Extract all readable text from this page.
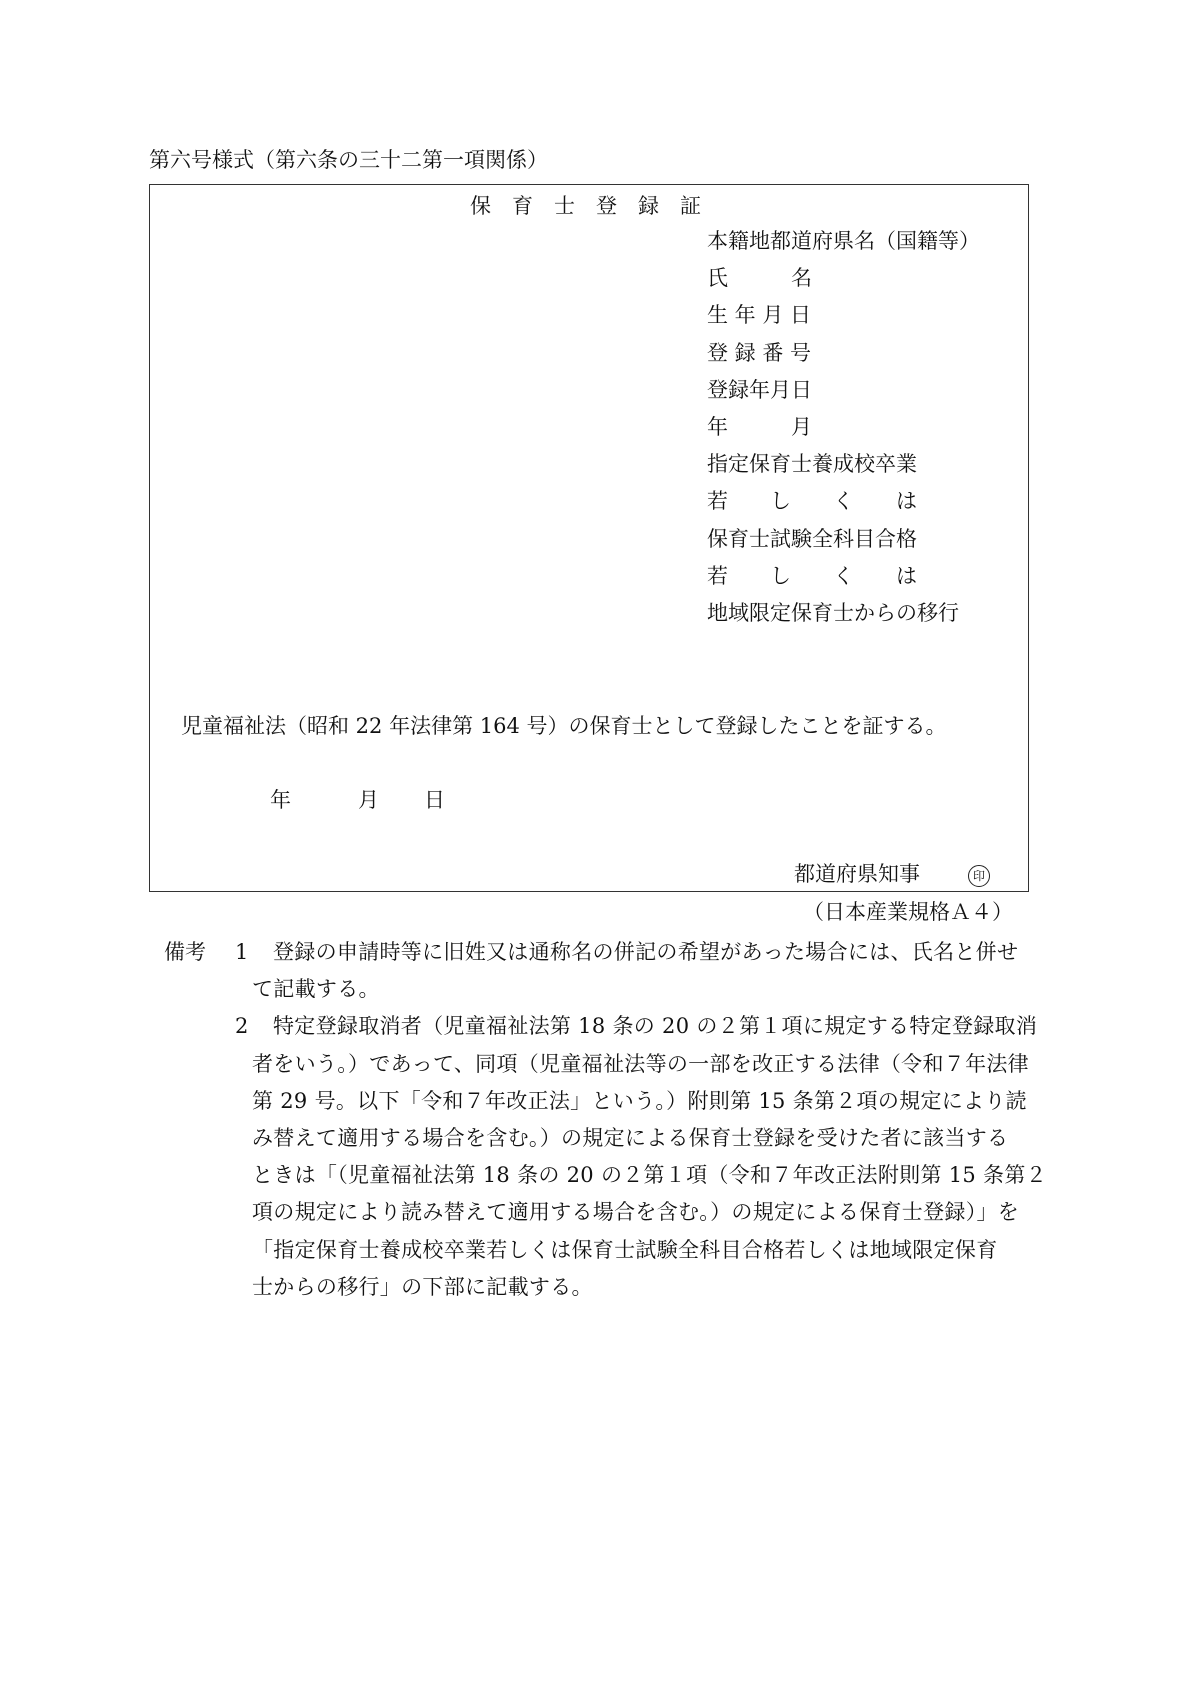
第六号様式（第六条の三十二第一項関係）
保　育　士　登　録　証
本籍地都道府県名（国籍等）
氏　　　名
生 年 月 日
登 録 番 号
登録年月日
年　　　月
指定保育士養成校卒業
若　　し　　く　　は
保育士試験全科目合格
若　　し　　く　　は
地域限定保育士からの移行
児童福祉法（昭和 22 年法律第 164 号）の保育士として登録したことを証する。
年	月 日
都道府県知事	印
（日本産業規格Ａ４）
備考 1 登録の申請時等に旧姓又は通称名の併記の希望があった場合には、氏名と併せ
て記載する。
2 特定登録取消者（児童福祉法第 18 条の 20 の２第１項に規定する特定登録取消
者をいう。）であって、同項（児童福祉法等の一部を改正する法律（令和７年法律
第 29 号。以下「令和７年改正法」という。）附則第 15 条第２項の規定により読
み替えて適用する場合を含む。）の規定による保育士登録を受けた者に該当する
ときは「（児童福祉法第 18 条の 20 の２第１項（令和７年改正法附則第 15 条第２
項の規定により読み替えて適用する場合を含む。）の規定による保育士登録）」を
「指定保育士養成校卒業若しくは保育士試験全科目合格若しくは地域限定保育
士からの移行」の下部に記載する。
